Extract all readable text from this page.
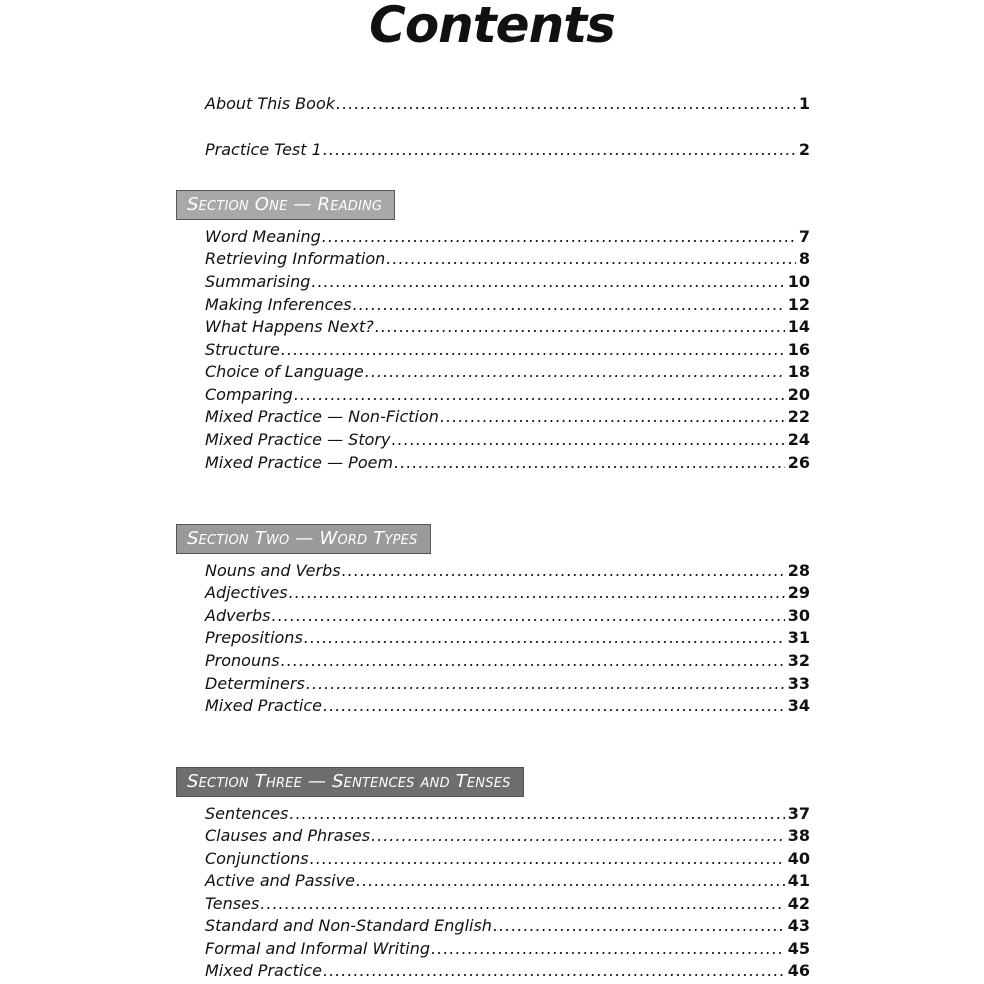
Contents
About This Book .....	1
Practice Test 1 .....	2
Section One — Reading
Word Meaning .....	7
Retrieving Information .....	8
Summarising .....	10
Making Inferences .....	12
What Happens Next? .....	14
Structure .....	16
Choice of Language .....	18
Comparing .....	20
Mixed Practice — Non-Fiction .....	22
Mixed Practice — Story .....	24
Mixed Practice — Poem .....	26
Section Two — Word Types
Nouns and Verbs .....	28
Adjectives .....	29
Adverbs .....	30
Prepositions .....	31
Pronouns .....	32
Determiners .....	33
Mixed Practice .....	34
Section Three — Sentences and Tenses
Sentences .....	37
Clauses and Phrases .....	38
Conjunctions .....	40
Active and Passive .....	41
Tenses .....	42
Standard and Non-Standard English .....	43
Formal and Informal Writing .....	45
Mixed Practice .....	46
